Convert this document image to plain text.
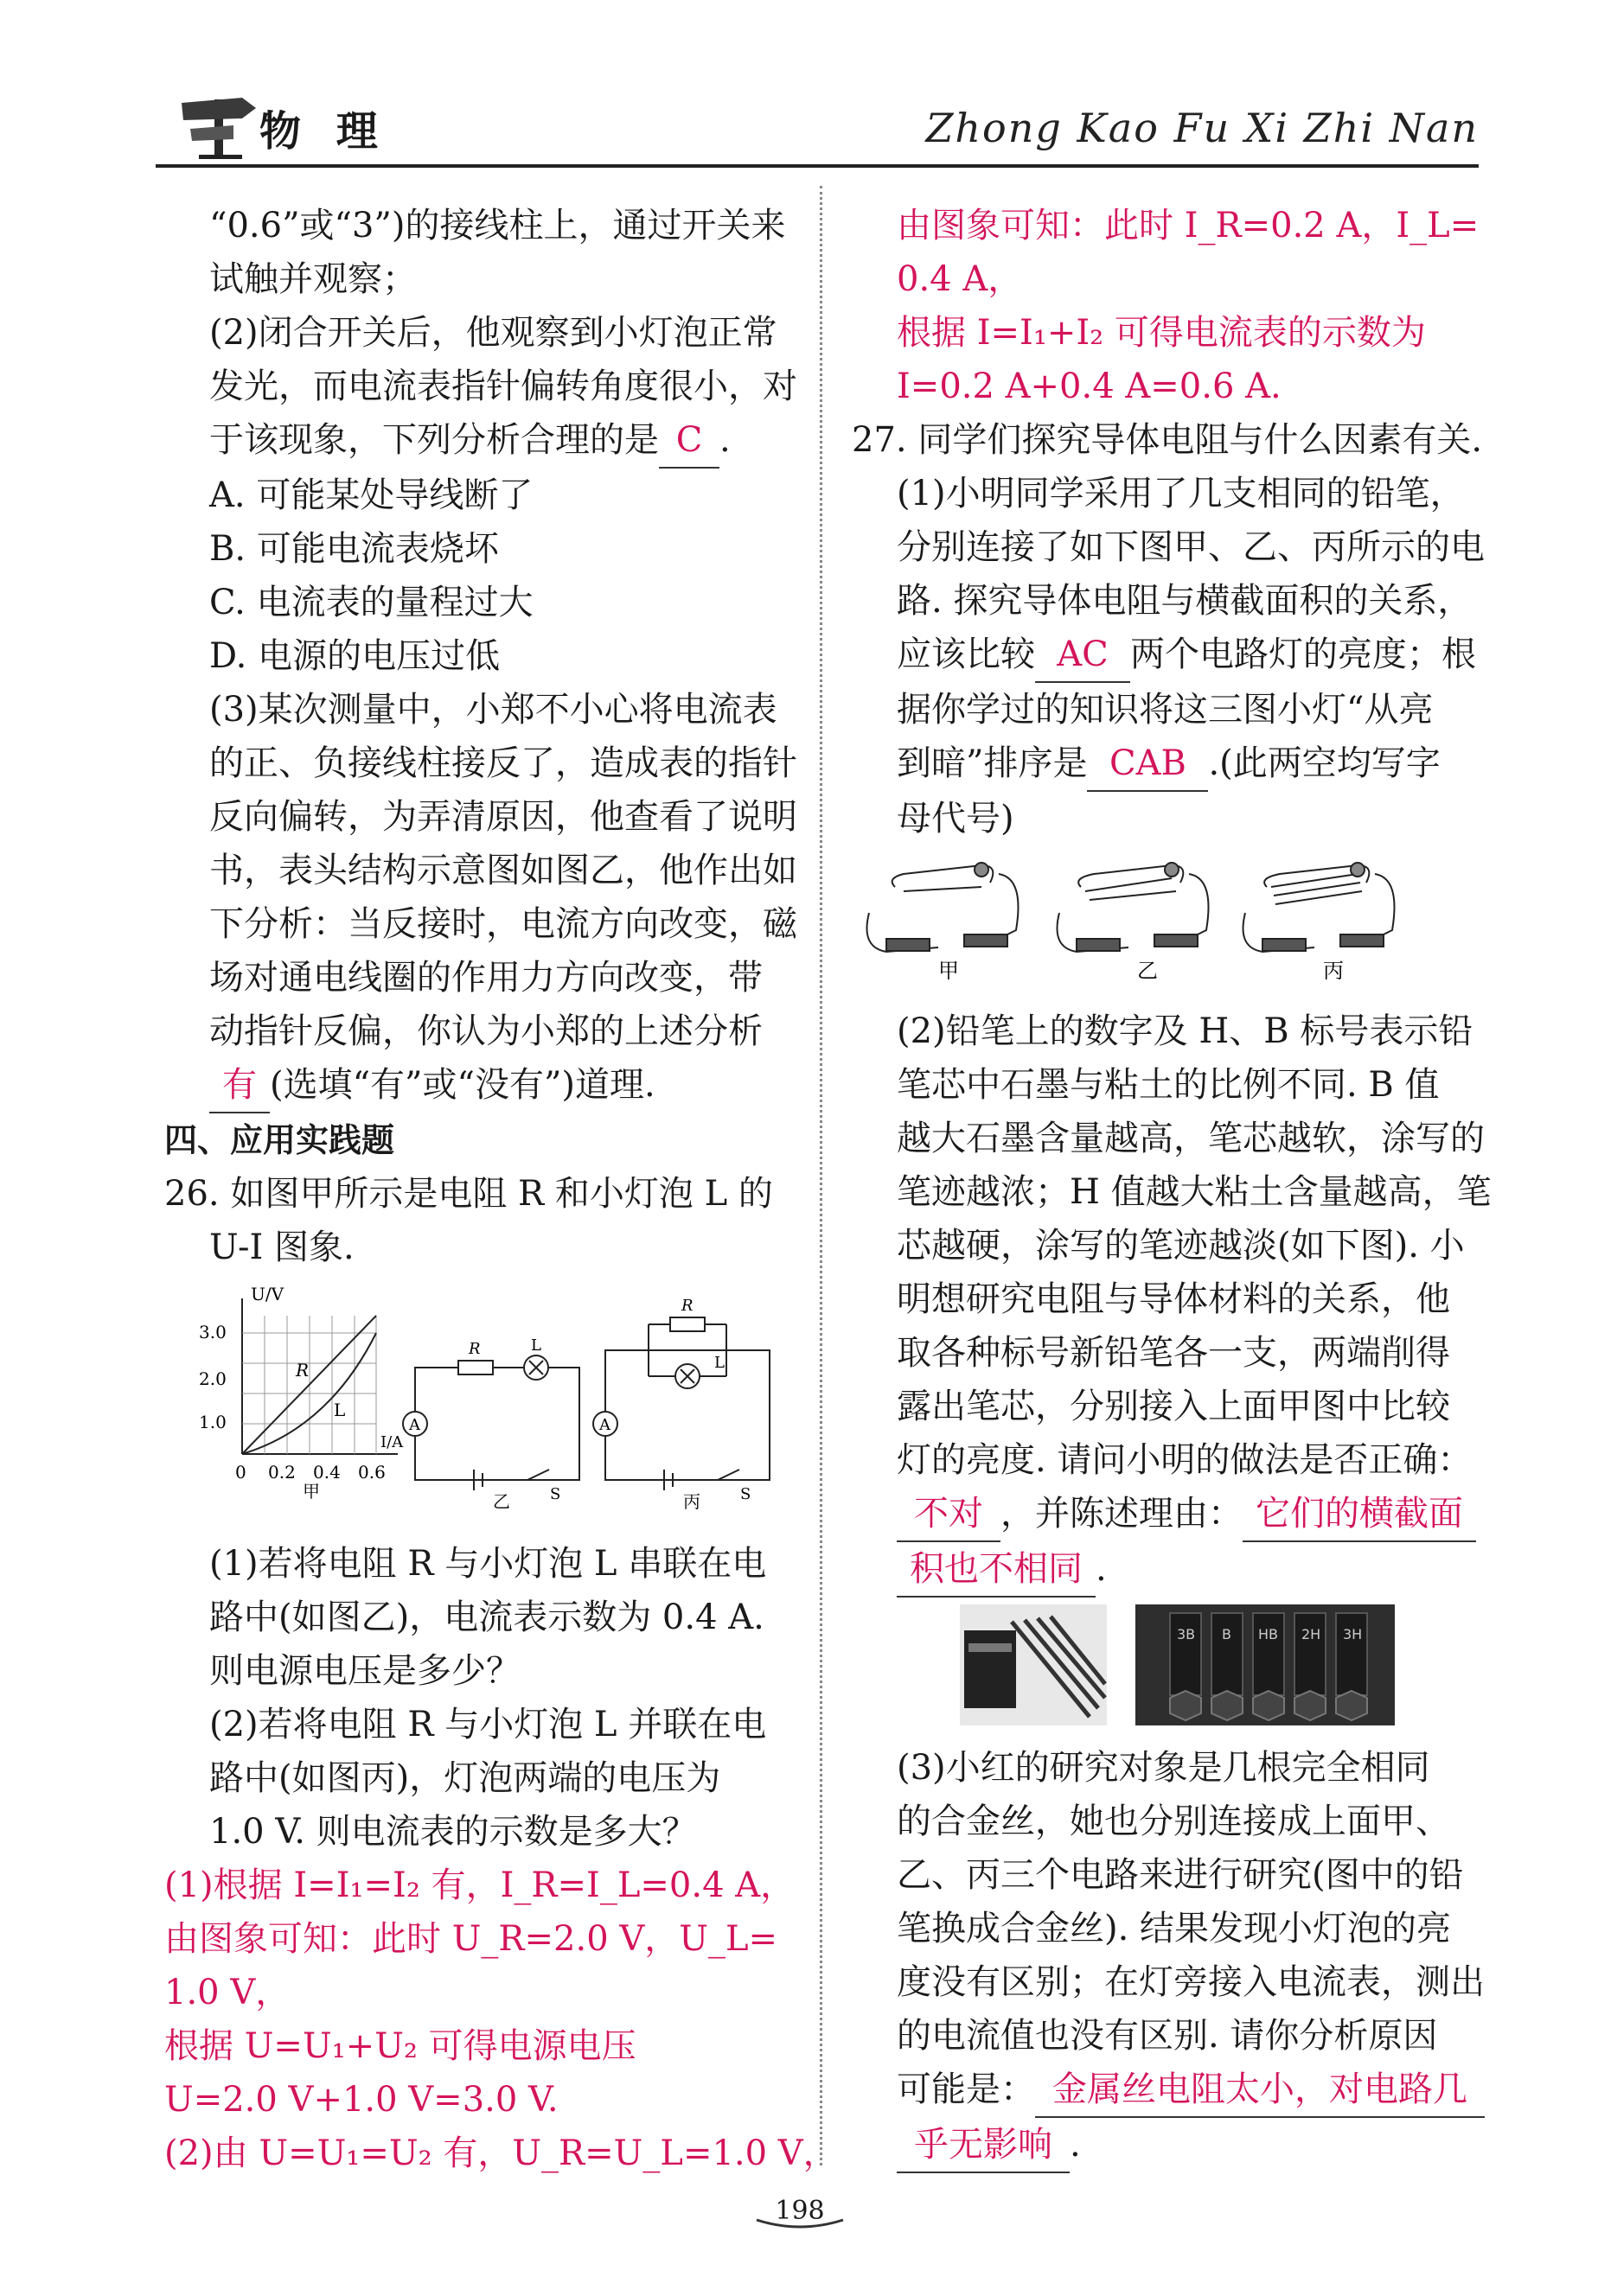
物 理	Zhong Kao Fu Xi Zhi Nan
“0.6”或“3”)的接线柱上，通过开关来
试触并观察；
(2)闭合开关后，他观察到小灯泡正常
发光，而电流表指针偏转角度很小，对
于该现象，下列分析合理的是 C .
A. 可能某处导线断了
B. 可能电流表烧坏
C. 电流表的量程过大
D. 电源的电压过低
(3)某次测量中，小郑不小心将电流表
的正、负接线柱接反了，造成表的指针
反向偏转，为弄清原因，他查看了说明
书，表头结构示意图如图乙，他作出如
下分析：当反接时，电流方向改变，磁
场对通电线圈的作用力方向改变，带
动指针反偏，你认为小郑的上述分析
有 (选填“有”或“没有”)道理.
四、应用实践题
26. 如图甲所示是电阻 R 和小灯泡 L 的
U-I 图象.
U/V
I/A
3.0
2.0
1.0
0 0.2 0.4 0.6
R
L
甲
A
R	L
S
乙
A
R
L
S
丙
(1)若将电阻 R 与小灯泡 L 串联在电
路中(如图乙)，电流表示数为 0.4 A.
则电源电压是多少？
(2)若将电阻 R 与小灯泡 L 并联在电
路中(如图丙)，灯泡两端的电压为
1.0 V. 则电流表的示数是多大？
(1)根据 I=I₁=I₂ 有，I_R=I_L=0.4 A，
由图象可知：此时 U_R=2.0 V，U_L=
1.0 V，
根据 U=U₁+U₂ 可得电源电压
U=2.0 V+1.0 V=3.0 V.
(2)由 U=U₁=U₂ 有，U_R=U_L=1.0 V，
由图象可知：此时 I_R=0.2 A，I_L=
0.4 A，
根据 I=I₁+I₂ 可得电流表的示数为
I=0.2 A+0.4 A=0.6 A.
27. 同学们探究导体电阻与什么因素有关.
(1)小明同学采用了几支相同的铅笔，
分别连接了如下图甲、乙、丙所示的电
路. 探究导体电阻与横截面积的关系，
应该比较 AC 两个电路灯的亮度；根
据你学过的知识将这三图小灯“从亮
到暗”排序是 CAB .(此两空均写字
母代号)
甲	乙	丙
(2)铅笔上的数字及 H、B 标号表示铅
笔芯中石墨与粘土的比例不同. B 值
越大石墨含量越高，笔芯越软，涂写的
笔迹越浓；H 值越大粘土含量越高，笔
芯越硬，涂写的笔迹越淡(如下图). 小
明想研究电阻与导体材料的关系，他
取各种标号新铅笔各一支，两端削得
露出笔芯，分别接入上面甲图中比较
灯的亮度. 请问小明的做法是否正确：
不对 ，并陈述理由： 它们的横截面
积也不相同 .

3B B HB 2H 3H
(3)小红的研究对象是几根完全相同
的合金丝，她也分别连接成上面甲、
乙、丙三个电路来进行研究(图中的铅
笔换成合金丝). 结果发现小灯泡的亮
度没有区别；在灯旁接入电流表，测出
的电流值也没有区别. 请你分析原因
可能是： 金属丝电阻太小，对电路几
乎无影响 .
198
